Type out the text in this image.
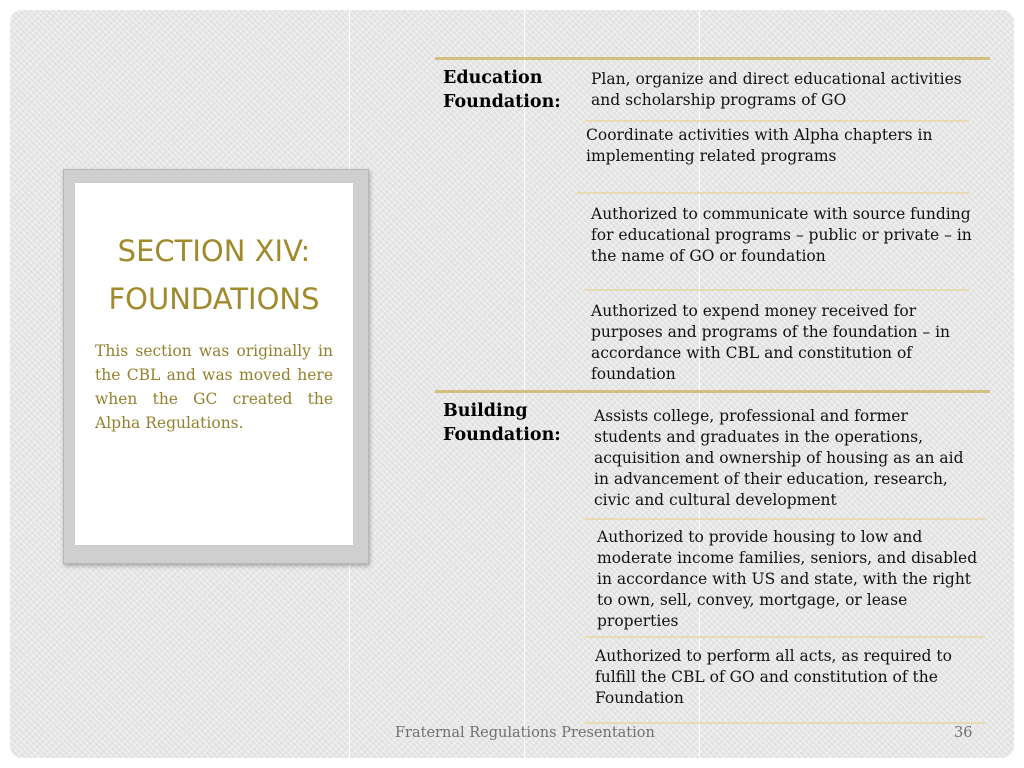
SECTION XIV:
FOUNDATIONS

This section was originally in the CBL and was moved here when the GC created the Alpha Regulations.

Education
Foundation:

Plan, organize and direct educational activities and scholarship programs of GO

Coordinate activities with Alpha chapters in implementing related programs

Authorized to communicate with source funding for educational programs – public or private – in the name of GO or foundation

Authorized to expend money received for purposes and programs of the foundation – in accordance with CBL and constitution of foundation

Building
Foundation:

Assists college, professional and former students and graduates in the operations, acquisition and ownership of housing as an aid in advancement of their education, research, civic and cultural development

Authorized to provide housing to low and moderate income families, seniors, and disabled in accordance with US and state, with the right to own, sell, convey, mortgage, or lease properties

Authorized to perform all acts, as required to fulfill the CBL of GO and constitution of the Foundation

Fraternal Regulations Presentation	36
